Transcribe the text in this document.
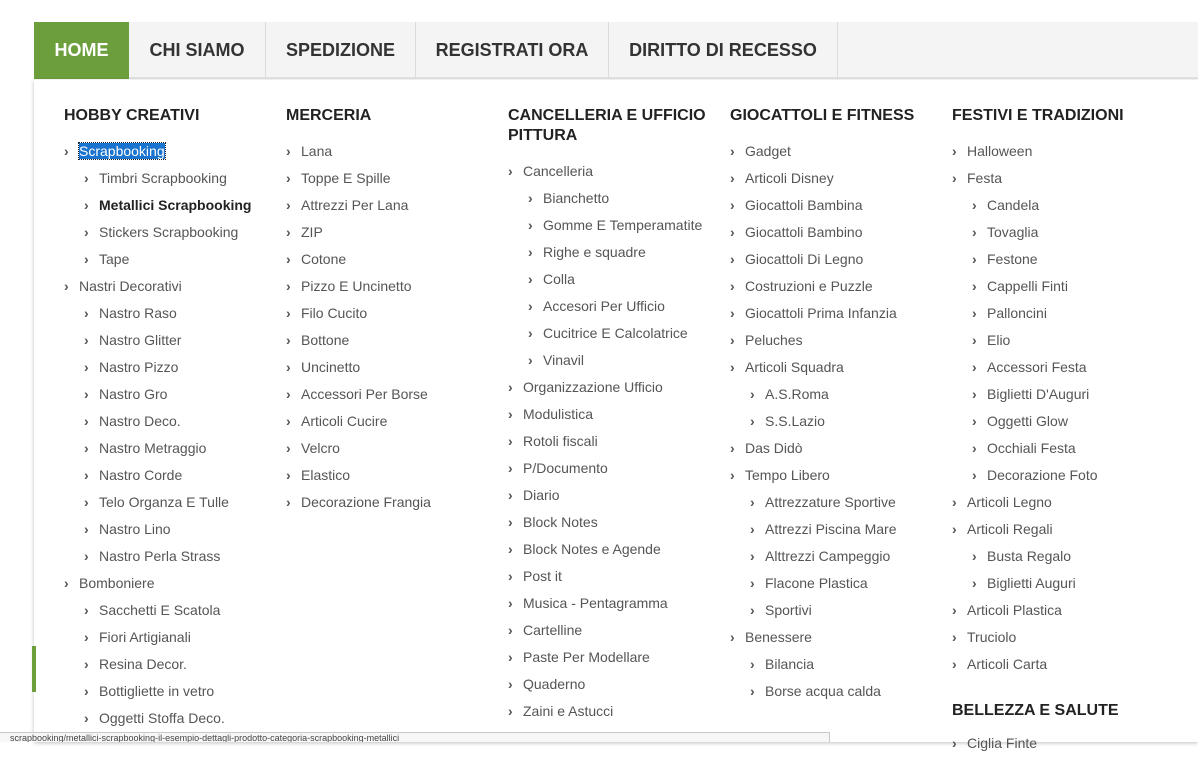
HOME	CHI SIAMO	SPEDIZIONE	REGISTRATI ORA	DIRITTO DI RECESSO
HOBBY CREATIVI
› Scrapbooking
› Timbri Scrapbooking
› Metallici Scrapbooking
› Stickers Scrapbooking
› Tape
› Nastri Decorativi
› Nastro Raso
› Nastro Glitter
› Nastro Pizzo
› Nastro Gro
› Nastro Deco.
› Nastro Metraggio
› Nastro Corde
› Telo Organza E Tulle
› Nastro Lino
› Nastro Perla Strass
› Bomboniere
› Sacchetti E Scatola
› Fiori Artigianali
› Resina Decor.
› Bottigliette in vetro
› Oggetti Stoffa Deco.
MERCERIA
› Lana
› Toppe E Spille
› Attrezzi Per Lana
› ZIP
› Cotone
› Pizzo E Uncinetto
› Filo Cucito
› Bottone
› Uncinetto
› Accessori Per Borse
› Articoli Cucire
› Velcro
› Elastico
› Decorazione Frangia
CANCELLERIA E UFFICIO PITTURA
› Cancelleria
› Bianchetto
› Gomme E Temperamatite
› Righe e squadre
› Colla
› Accesori Per Ufficio
› Cucitrice E Calcolatrice
› Vinavil
› Organizzazione Ufficio
› Modulistica
› Rotoli fiscali
› P/Documento
› Diario
› Block Notes
› Block Notes e Agende
› Post it
› Musica - Pentagramma
› Cartelline
› Paste Per Modellare
› Quaderno
› Zaini e Astucci
GIOCATTOLI E FITNESS
› Gadget
› Articoli Disney
› Giocattoli Bambina
› Giocattoli Bambino
› Giocattoli Di Legno
› Costruzioni e Puzzle
› Giocattoli Prima Infanzia
› Peluches
› Articoli Squadra
› A.S.Roma
› S.S.Lazio
› Das Didò
› Tempo Libero
› Attrezzature Sportive
› Attrezzi Piscina Mare
› Alttrezzi Campeggio
› Flacone Plastica
› Sportivi
› Benessere
› Bilancia
› Borse acqua calda
FESTIVI E TRADIZIONI
› Halloween
› Festa
› Candela
› Tovaglia
› Festone
› Cappelli Finti
› Palloncini
› Elio
› Accessori Festa
› Biglietti D'Auguri
› Oggetti Glow
› Occhiali Festa
› Decorazione Foto
› Articoli Legno
› Articoli Regali
› Busta Regalo
› Biglietti Auguri
› Articoli Plastica
› Truciolo
› Articoli Carta
BELLEZZA E SALUTE
› Ciglia Finte
scrapbooking/metallici-scrapbooking-il-esempio-dettagli-prodotto-categoria-scrapbooking-metallici
